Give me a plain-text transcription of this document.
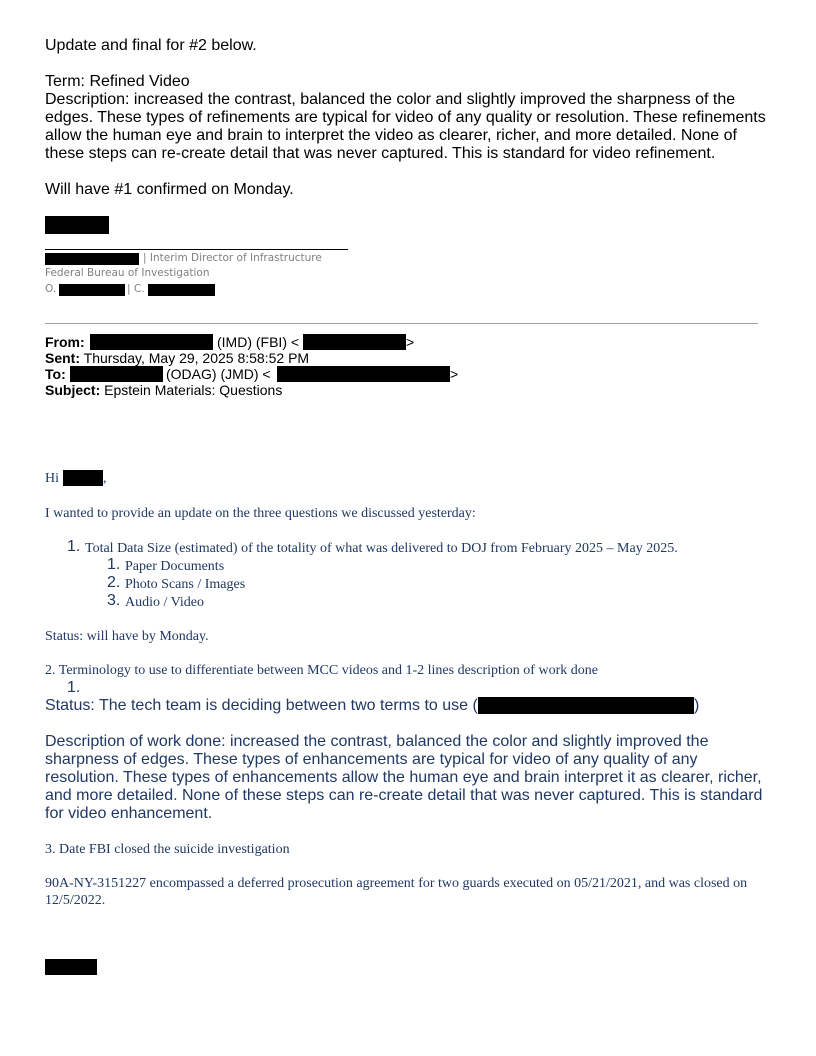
Update and final for #2 below.
Term: Refined Video
Description: increased the contrast, balanced the color and slightly improved the sharpness of the edges. These types of refinements are typical for video of any quality or resolution. These refinements allow the human eye and brain to interpret the video as clearer, richer, and more detailed. None of these steps can re-create detail that was never captured. This is standard for video refinement.
Will have #1 confirmed on Monday.
| Interim Director of Infrastructure
Federal Bureau of Investigation
O.	| C.
From:	(IMD) (FBI) <	>
Sent: Thursday, May 29, 2025 8:58:52 PM
To:	(ODAG) (JMD) <	>
Subject: Epstein Materials: Questions
Hi	,
I wanted to provide an update on the three questions we discussed yesterday:
1. Total Data Size (estimated) of the totality of what was delivered to DOJ from February 2025 – May 2025.
1. Paper Documents
2. Photo Scans / Images
3. Audio / Video
Status: will have by Monday.
2. Terminology to use to differentiate between MCC videos and 1-2 lines description of work done
1.
Status: The tech team is deciding between two terms to use (	)
Description of work done: increased the contrast, balanced the color and slightly improved the sharpness of edges. These types of enhancements are typical for video of any quality of any resolution. These types of enhancements allow the human eye and brain interpret it as clearer, richer, and more detailed. None of these steps can re-create detail that was never captured. This is standard for video enhancement.
3. Date FBI closed the suicide investigation
90A-NY-3151227 encompassed a deferred prosecution agreement for two guards executed on 05/21/2021, and was closed on 12/5/2022.
